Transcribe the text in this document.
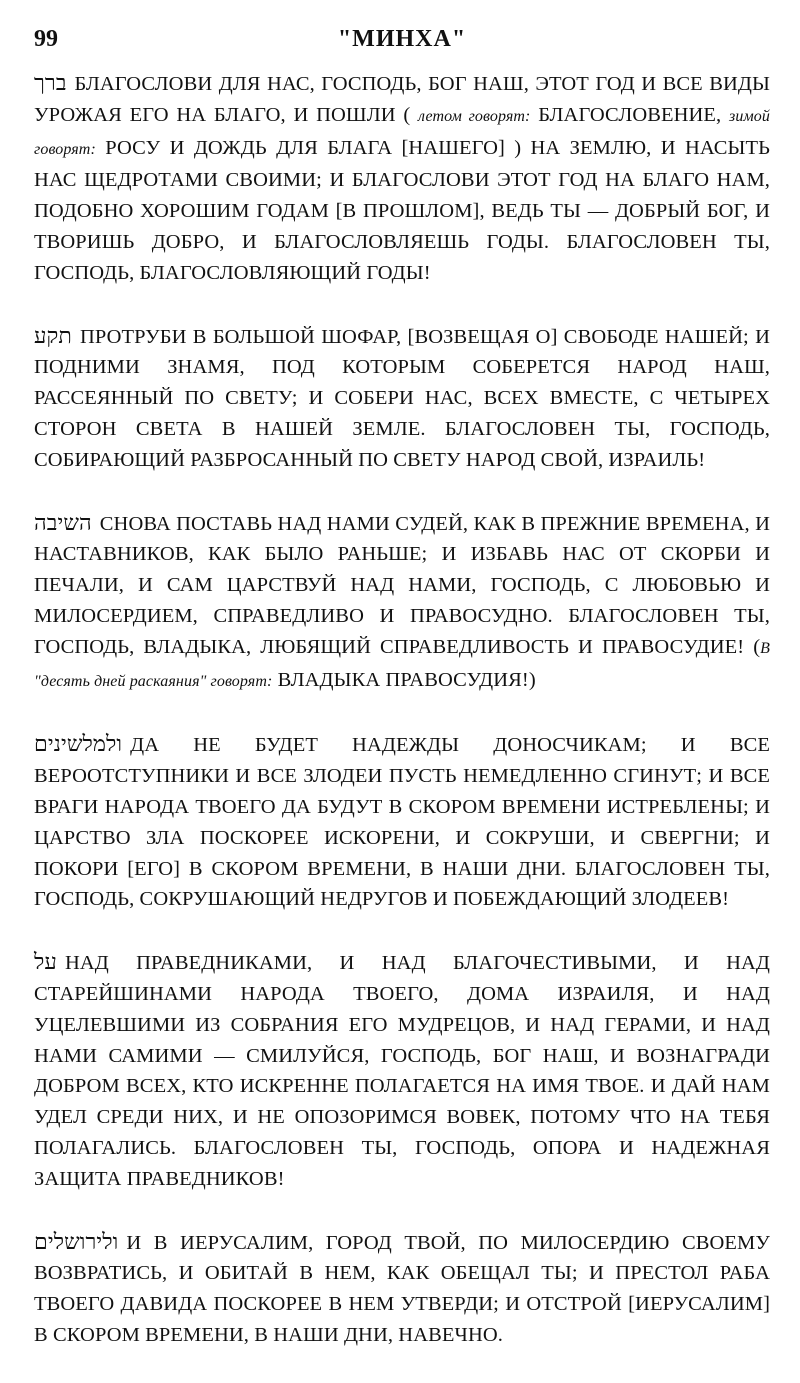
99	"МИНХА"

ברך БЛАГОСЛОВИ ДЛЯ НАС, ГОСПОДЬ, БОГ НАШ, ЭТОТ ГОД И ВСЕ ВИДЫ УРОЖАЯ ЕГО НА БЛАГО, И ПОШЛИ ( летом говорят: БЛАГОСЛОВЕНИЕ, зимой говорят: РОСУ И ДОЖДЬ ДЛЯ БЛАГА [НАШЕГО] ) НА ЗЕМЛЮ, И НАСЫТЬ НАС ЩЕДРОТАМИ СВОИМИ; И БЛАГОСЛОВИ ЭТОТ ГОД НА БЛАГО НАМ, ПОДОБНО ХОРОШИМ ГОДАМ [В ПРОШЛОМ], ВЕДЬ ТЫ — ДОБРЫЙ БОГ, И ТВОРИШЬ ДОБРО, И БЛАГОСЛОВЛЯЕШЬ ГОДЫ. БЛАГОСЛОВЕН ТЫ, ГОСПОДЬ, БЛАГОСЛОВЛЯЮЩИЙ ГОДЫ!

תקע ПРОТРУБИ В БОЛЬШОЙ ШОФАР, [ВОЗВЕЩАЯ О] СВОБОДЕ НАШЕЙ; И ПОДНИМИ ЗНАМЯ, ПОД КОТОРЫМ СОБЕРЕТСЯ НАРОД НАШ, РАССЕЯННЫЙ ПО СВЕТУ; И СОБЕРИ НАС, ВСЕХ ВМЕСТЕ, С ЧЕТЫРЕХ СТОРОН СВЕТА В НАШЕЙ ЗЕМЛЕ. БЛАГОСЛОВЕН ТЫ, ГОСПОДЬ, СОБИРАЮЩИЙ РАЗБРОСАННЫЙ ПО СВЕТУ НАРОД СВОЙ, ИЗРАИЛЬ!

השיבה СНОВА ПОСТАВЬ НАД НАМИ СУДЕЙ, КАК В ПРЕЖНИЕ ВРЕМЕНА, И НАСТАВНИКОВ, КАК БЫЛО РАНЬШЕ; И ИЗБАВЬ НАС ОТ СКОРБИ И ПЕЧАЛИ, И САМ ЦАРСТВУЙ НАД НАМИ, ГОСПОДЬ, С ЛЮБОВЬЮ И МИЛОСЕРДИЕМ, СПРАВЕДЛИВО И ПРАВОСУДНО. БЛАГОСЛОВЕН ТЫ, ГОСПОДЬ, ВЛАДЫКА, ЛЮБЯЩИЙ СПРАВЕДЛИВОСТЬ И ПРАВОСУДИЕ! (В "десять дней раскаяния" говорят: ВЛАДЫКА ПРАВОСУДИЯ!)

ולמלשינים ДА НЕ БУДЕТ НАДЕЖДЫ ДОНОСЧИКАМ; И ВСЕ ВЕРООТСТУПНИКИ И ВСЕ ЗЛОДЕИ ПУСТЬ НЕМЕДЛЕННО СГИНУТ; И ВСЕ ВРАГИ НАРОДА ТВОЕГО ДА БУДУТ В СКОРОМ ВРЕМЕНИ ИСТРЕБЛЕНЫ; И ЦАРСТВО ЗЛА ПОСКОРЕЕ ИСКОРЕНИ, И СОКРУШИ, И СВЕРГНИ; И ПОКОРИ [ЕГО] В СКОРОМ ВРЕМЕНИ, В НАШИ ДНИ. БЛАГОСЛОВЕН ТЫ, ГОСПОДЬ, СОКРУШАЮЩИЙ НЕДРУГОВ И ПОБЕЖДАЮЩИЙ ЗЛОДЕЕВ!

על НАД ПРАВЕДНИКАМИ, И НАД БЛАГОЧЕСТИВЫМИ, И НАД СТАРЕЙШИНАМИ НАРОДА ТВОЕГО, ДОМА ИЗРАИЛЯ, И НАД УЦЕЛЕВШИМИ ИЗ СОБРАНИЯ ЕГО МУДРЕЦОВ, И НАД ГЕРАМИ, И НАД НАМИ САМИМИ — СМИЛУЙСЯ, ГОСПОДЬ, БОГ НАШ, И ВОЗНАГРАДИ ДОБРОМ ВСЕХ, КТО ИСКРЕННЕ ПОЛАГАЕТСЯ НА ИМЯ ТВОЕ. И ДАЙ НАМ УДЕЛ СРЕДИ НИХ, И НЕ ОПОЗОРИМСЯ ВОВЕК, ПОТОМУ ЧТО НА ТЕБЯ ПОЛАГАЛИСЬ. БЛАГОСЛОВЕН ТЫ, ГОСПОДЬ, ОПОРА И НАДЕЖНАЯ ЗАЩИТА ПРАВЕДНИКОВ!

ולירושלים И В ИЕРУСАЛИМ, ГОРОД ТВОЙ, ПО МИЛОСЕРДИЮ СВОЕМУ ВОЗВРАТИСЬ, И ОБИТАЙ В НЕМ, КАК ОБЕЩАЛ ТЫ; И ПРЕСТОЛ РАБА ТВОЕГО ДАВИДА ПОСКОРЕЕ В НЕМ УТВЕРДИ; И ОТСТРОЙ [ИЕРУСАЛИМ] В СКОРОМ ВРЕМЕНИ, В НАШИ ДНИ, НАВЕЧНО.
